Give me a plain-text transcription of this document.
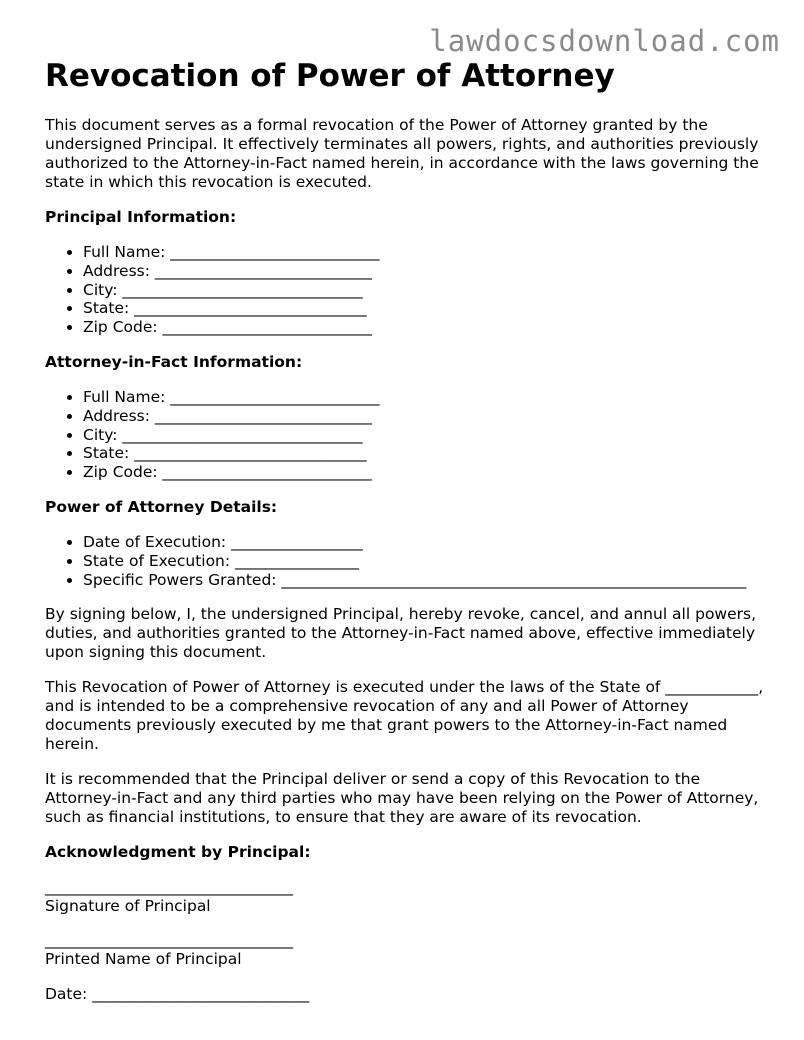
lawdocsdownload.com
Revocation of Power of Attorney

This document serves as a formal revocation of the Power of Attorney granted by the undersigned Principal. It effectively terminates all powers, rights, and authorities previously authorized to the Attorney-in-Fact named herein, in accordance with the laws governing the state in which this revocation is executed.

Principal Information:
• Full Name: ___________________________
• Address: ____________________________
• City: _______________________________
• State: ______________________________
• Zip Code: ___________________________
Attorney-in-Fact Information:
• Full Name: ___________________________
• Address: ____________________________
• City: _______________________________
• State: ______________________________
• Zip Code: ___________________________
Power of Attorney Details:
• Date of Execution: _________________
• State of Execution: ________________
• Specific Powers Granted: ____________________________________________________________

By signing below, I, the undersigned Principal, hereby revoke, cancel, and annul all powers, duties, and authorities granted to the Attorney-in-Fact named above, effective immediately upon signing this document.

This Revocation of Power of Attorney is executed under the laws of the State of ____________, and is intended to be a comprehensive revocation of any and all Power of Attorney documents previously executed by me that grant powers to the Attorney-in-Fact named herein.

It is recommended that the Principal deliver or send a copy of this Revocation to the Attorney-in-Fact and any third parties who may have been relying on the Power of Attorney, such as financial institutions, to ensure that they are aware of its revocation.

Acknowledgment by Principal:
________________________________
Signature of Principal
________________________________
Printed Name of Principal
Date: ____________________________
